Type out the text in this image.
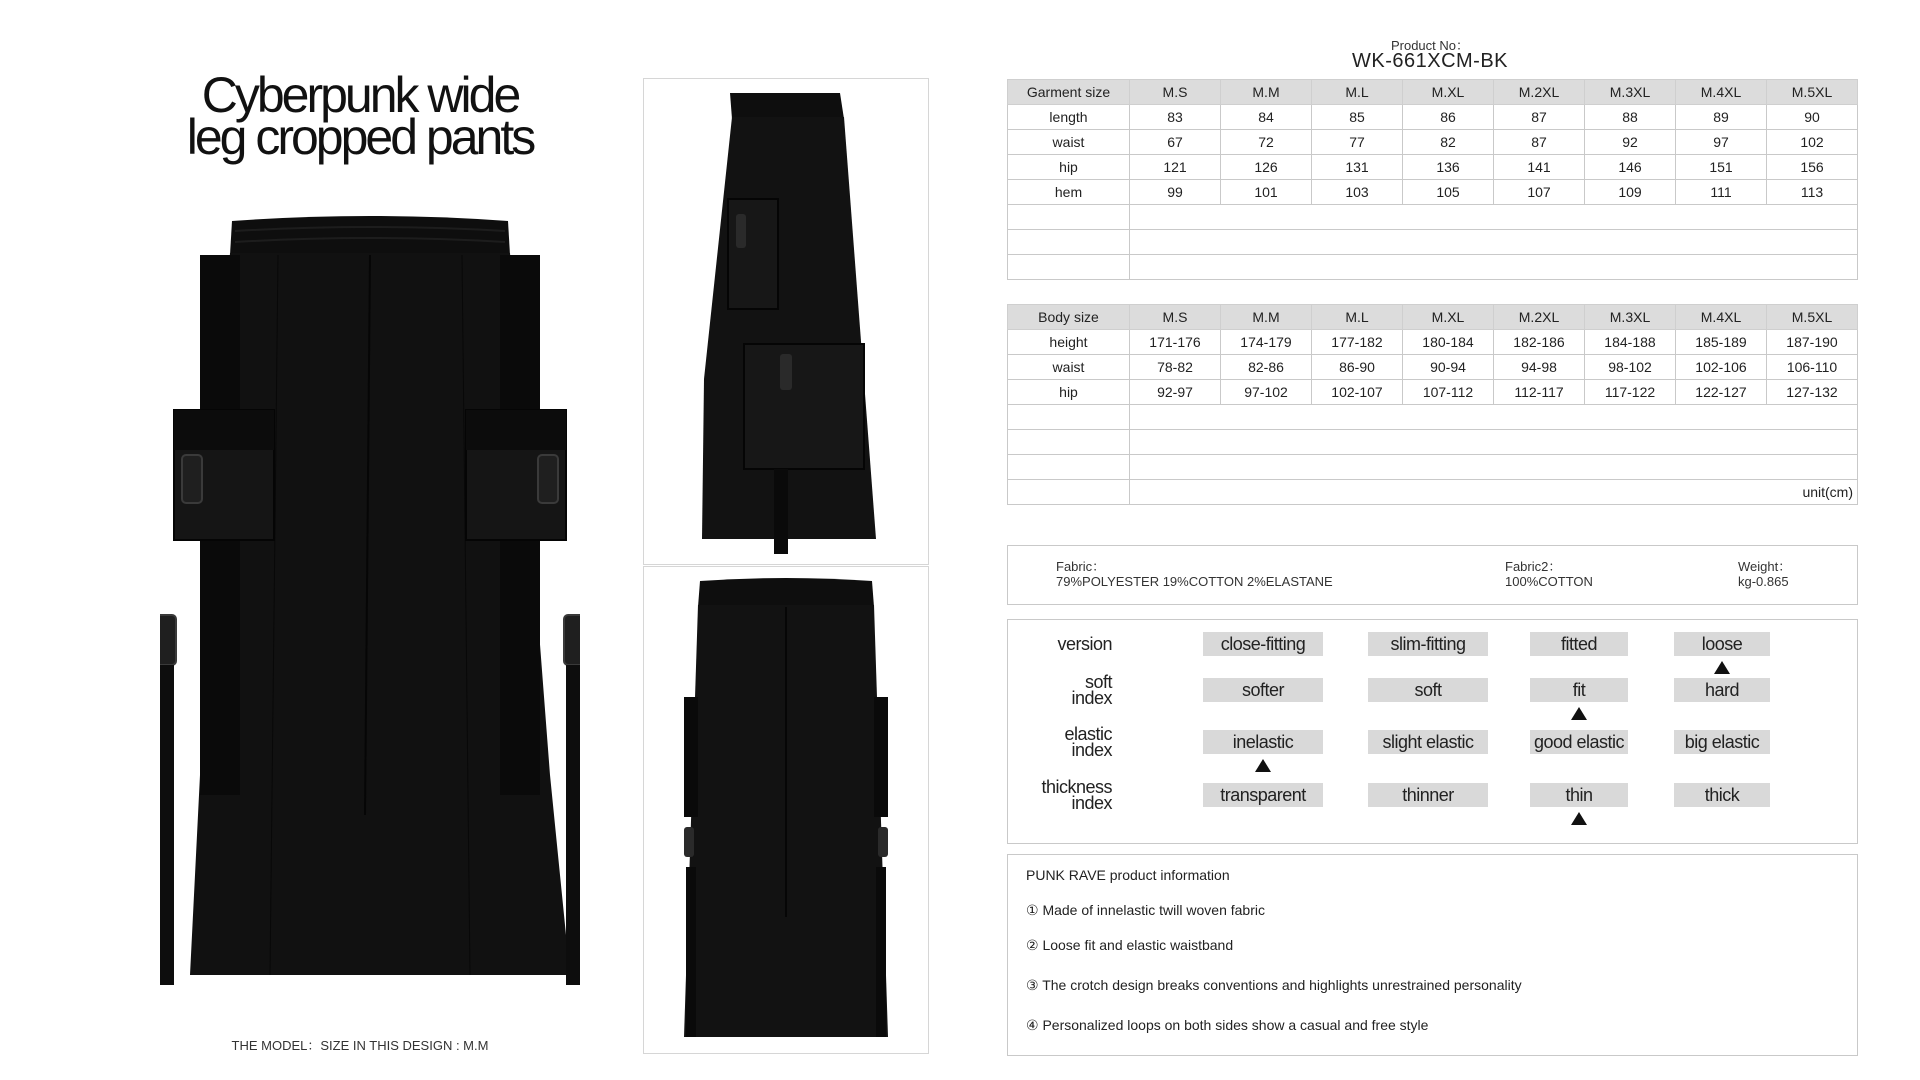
Cyberpunk wide
leg cropped pants
THE MODEL：SIZE IN THIS DESIGN : M.M
Product No：
WK-661XCM-BK
Garment size	M.S	M.M	M.L	M.XL	M.2XL	M.3XL	M.4XL	M.5XL
length	83	84	85	86	87	88	89	90
waist	67	72	77	82	87	92	97	102
hip	121	126	131	136	141	146	151	156
hem	99	101	103	105	107	109	111	113

Body size	M.S	M.M	M.L	M.XL	M.2XL	M.3XL	M.4XL	M.5XL
height	171-176	174-179	177-182	180-184	182-186	184-188	185-189	187-190
waist	78-82	82-86	86-90	90-94	94-98	98-102	102-106	106-110
hip	92-97	97-102	102-107	107-112	112-117	117-122	122-127	127-132

	unit(cm)							
Fabric：
79%POLYESTER 19%COTTON 2%ELASTANE
Fabric2：
100%COTTON
Weight：
kg-0.865
version	close-fitting	slim-fitting	fitted	loose
soft
index	softer	soft	fit	hard
elastic
index	inelastic	slight elastic	good elastic	big elastic
thickness
index	transparent	thinner	thin	thick
PUNK RAVE product information
① Made of innelastic twill woven fabric
② Loose fit and elastic waistband
③ The crotch design breaks conventions and highlights unrestrained personality
④ Personalized loops on both sides show a casual and free style
